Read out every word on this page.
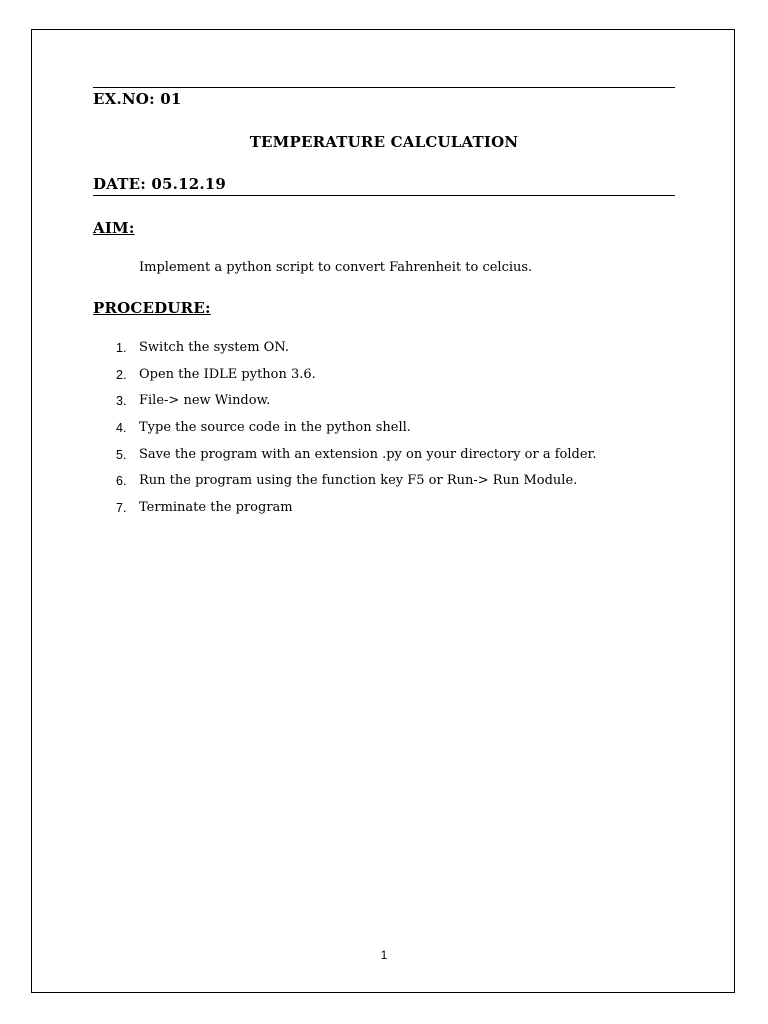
EX.NO: 01
TEMPERATURE CALCULATION
DATE: 05.12.19
AIM:
Implement a python script to convert Fahrenheit to celcius.
PROCEDURE:
1. Switch the system ON.
2. Open the IDLE python 3.6.
3. File-> new Window.
4. Type the source code in the python shell.
5. Save the program with an extension .py on your directory or a folder.
6. Run the program using the function key F5 or Run-> Run Module.
7. Terminate the program
1
